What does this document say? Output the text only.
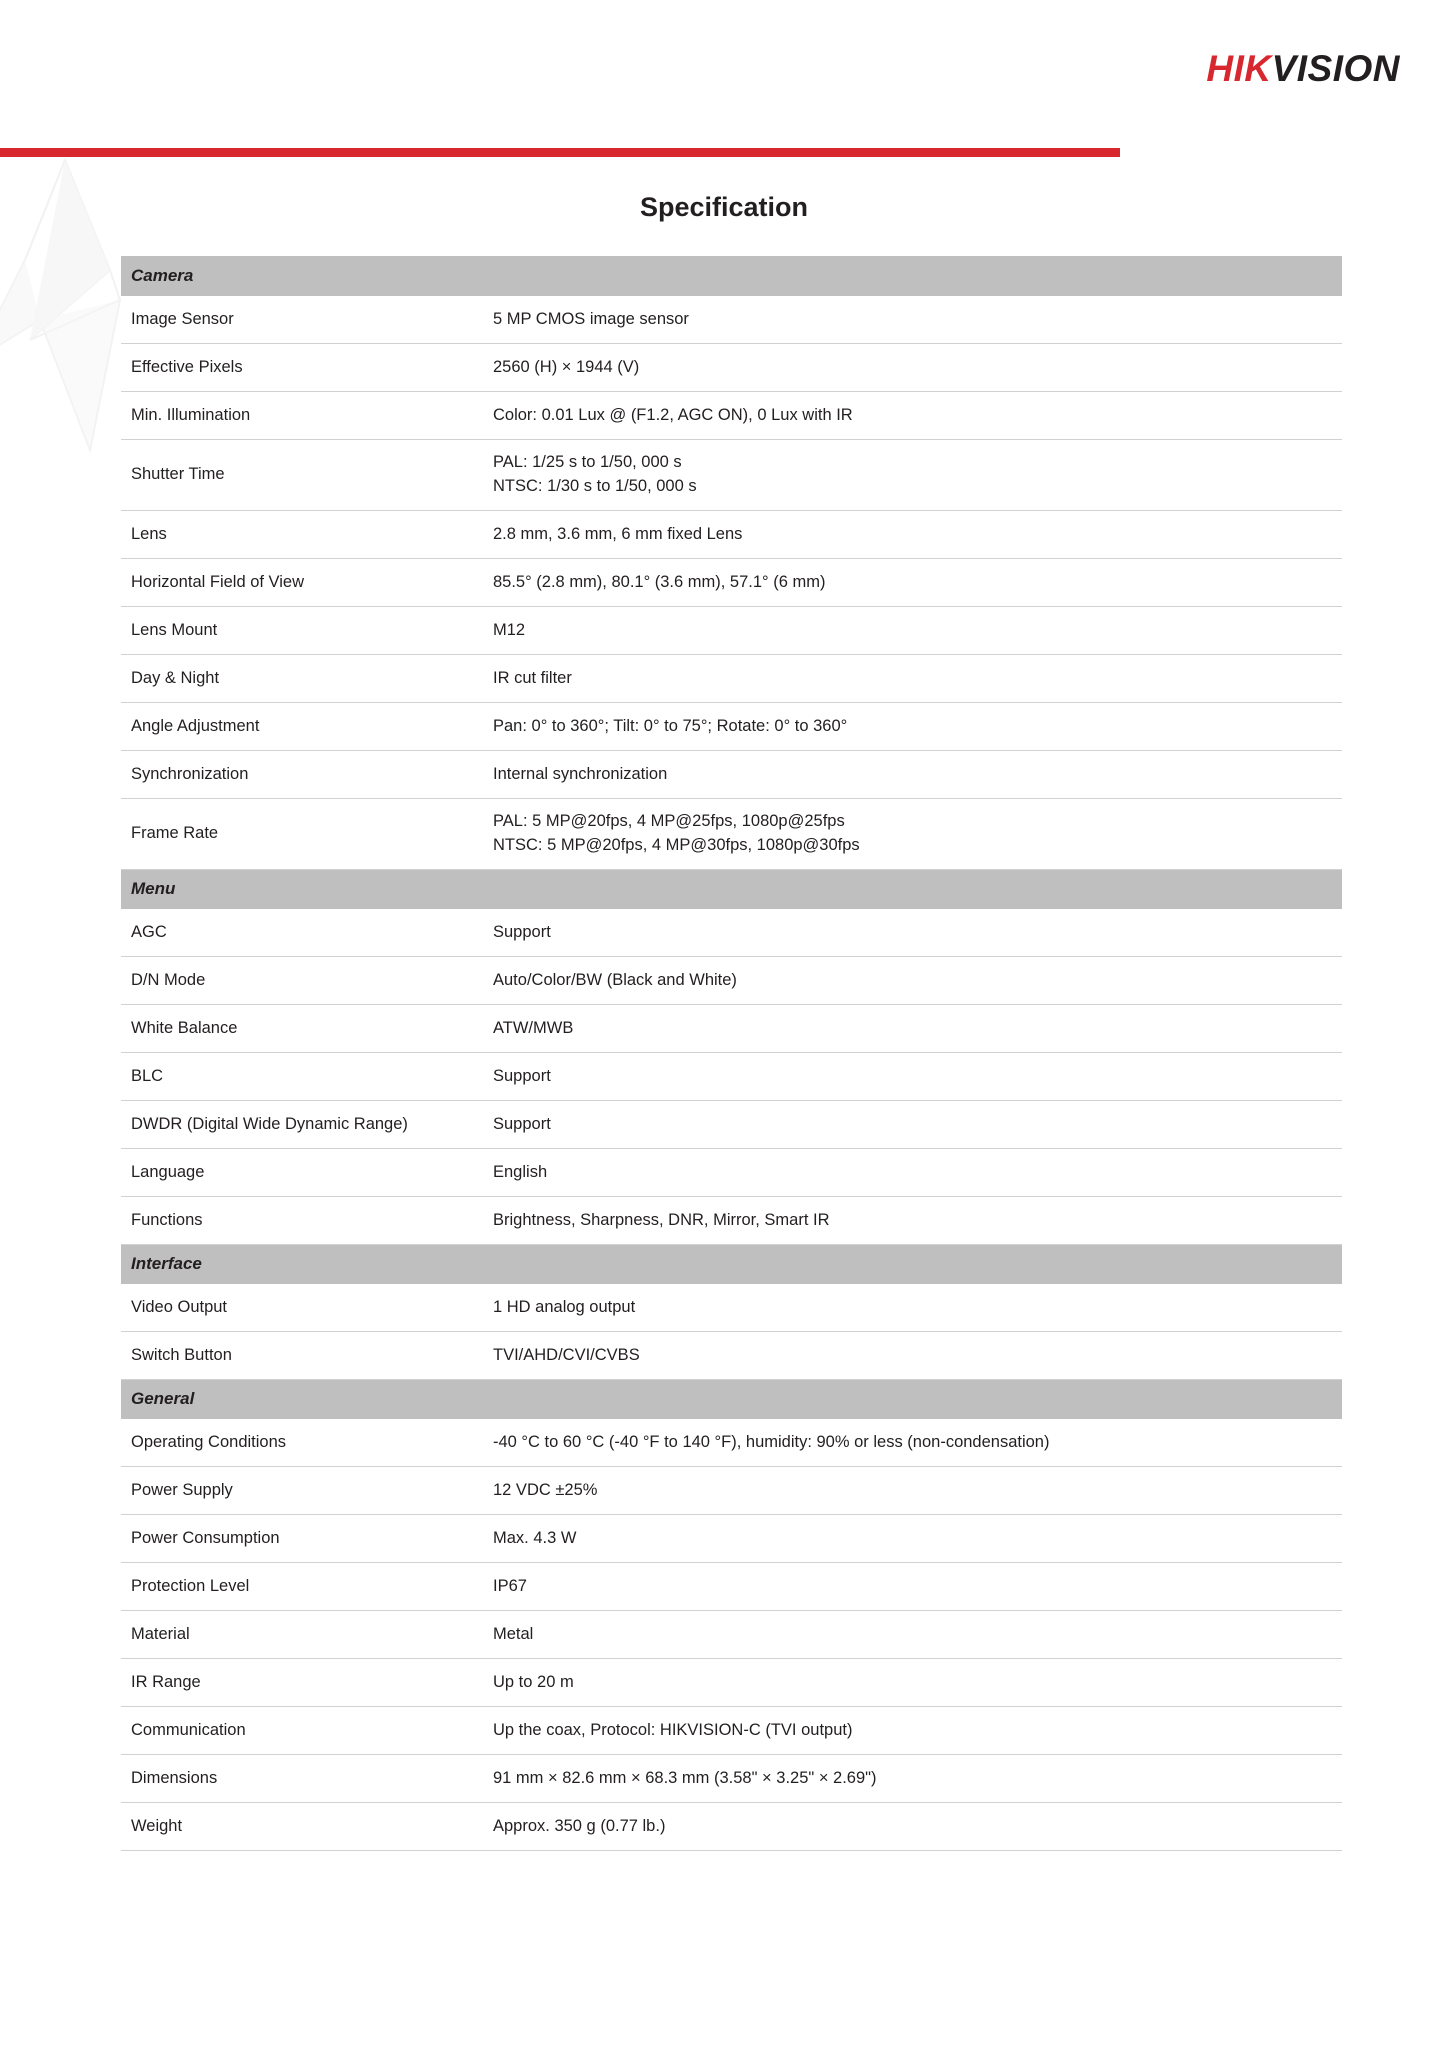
HIKVISION
Specification
Camera	
Image Sensor	5 MP CMOS image sensor

Effective Pixels	2560 (H) × 1944 (V)

Min. Illumination	Color: 0.01 Lux @ (F1.2, AGC ON), 0 Lux with IR

Shutter Time	PAL: 1/25 s to 1/50, 000 s
NTSC: 1/30 s to 1/50, 000 s

Lens	2.8 mm, 3.6 mm, 6 mm fixed Lens

Horizontal Field of View	85.5° (2.8 mm), 80.1° (3.6 mm), 57.1° (6 mm)

Lens Mount	M12

Day & Night	IR cut filter

Angle Adjustment	Pan: 0° to 360°; Tilt: 0° to 75°; Rotate: 0° to 360°

Synchronization	Internal synchronization

Frame Rate	PAL: 5 MP@20fps, 4 MP@25fps, 1080p@25fps
NTSC: 5 MP@20fps, 4 MP@30fps, 1080p@30fps

Menu	
AGC	Support

D/N Mode	Auto/Color/BW (Black and White)

White Balance	ATW/MWB

BLC	Support

DWDR (Digital Wide Dynamic Range)	Support

Language	English

Functions	Brightness, Sharpness, DNR, Mirror, Smart IR

Interface	
Video Output	1 HD analog output

Switch Button	TVI/AHD/CVI/CVBS

General	
Operating Conditions	-40 °C to 60 °C (-40 °F to 140 °F), humidity: 90% or less (non-condensation)

Power Supply	12 VDC ±25%

Power Consumption	Max. 4.3 W

Protection Level	IP67

Material	Metal

IR Range	Up to 20 m

Communication	Up the coax, Protocol: HIKVISION-C (TVI output)

Dimensions	91 mm × 82.6 mm × 68.3 mm (3.58" × 3.25" × 2.69")

Weight	Approx. 350 g (0.77 lb.)
